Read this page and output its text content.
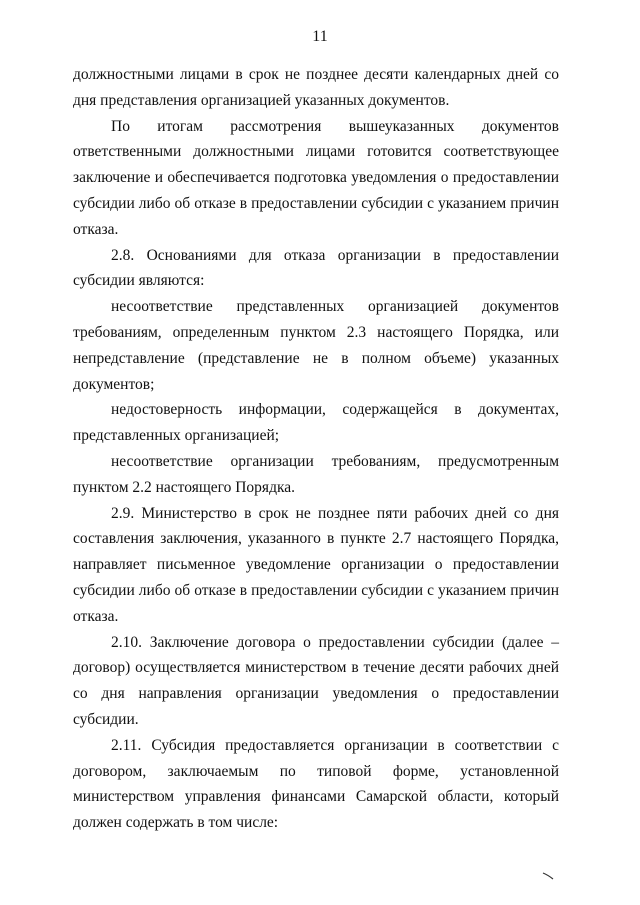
11

должностными лицами в срок не позднее десяти календарных дней со дня представления организацией указанных документов.

По итогам рассмотрения вышеуказанных документов ответственными должностными лицами готовится соответствующее заключение и обеспечивается подготовка уведомления о предоставлении субсидии либо об отказе в предоставлении субсидии с указанием причин отказа.

2.8. Основаниями для отказа организации в предоставлении субсидии являются:

несоответствие представленных организацией документов требованиям, определенным пунктом 2.3 настоящего Порядка, или непредставление (представление не в полном объеме) указанных документов;

недостоверность информации, содержащейся в документах, представленных организацией;

несоответствие организации требованиям, предусмотренным пунктом 2.2 настоящего Порядка.

2.9. Министерство в срок не позднее пяти рабочих дней со дня составления заключения, указанного в пункте 2.7 настоящего Порядка, направляет письменное уведомление организации о предоставлении субсидии либо об отказе в предоставлении субсидии с указанием причин отказа.

2.10. Заключение договора о предоставлении субсидии (далее – договор) осуществляется министерством в течение десяти рабочих дней со дня направления организации уведомления о предоставлении субсидии.

2.11. Субсидия предоставляется организации в соответствии с договором, заключаемым по типовой форме, установленной министерством управления финансами Самарской области, который должен содержать в том числе:
